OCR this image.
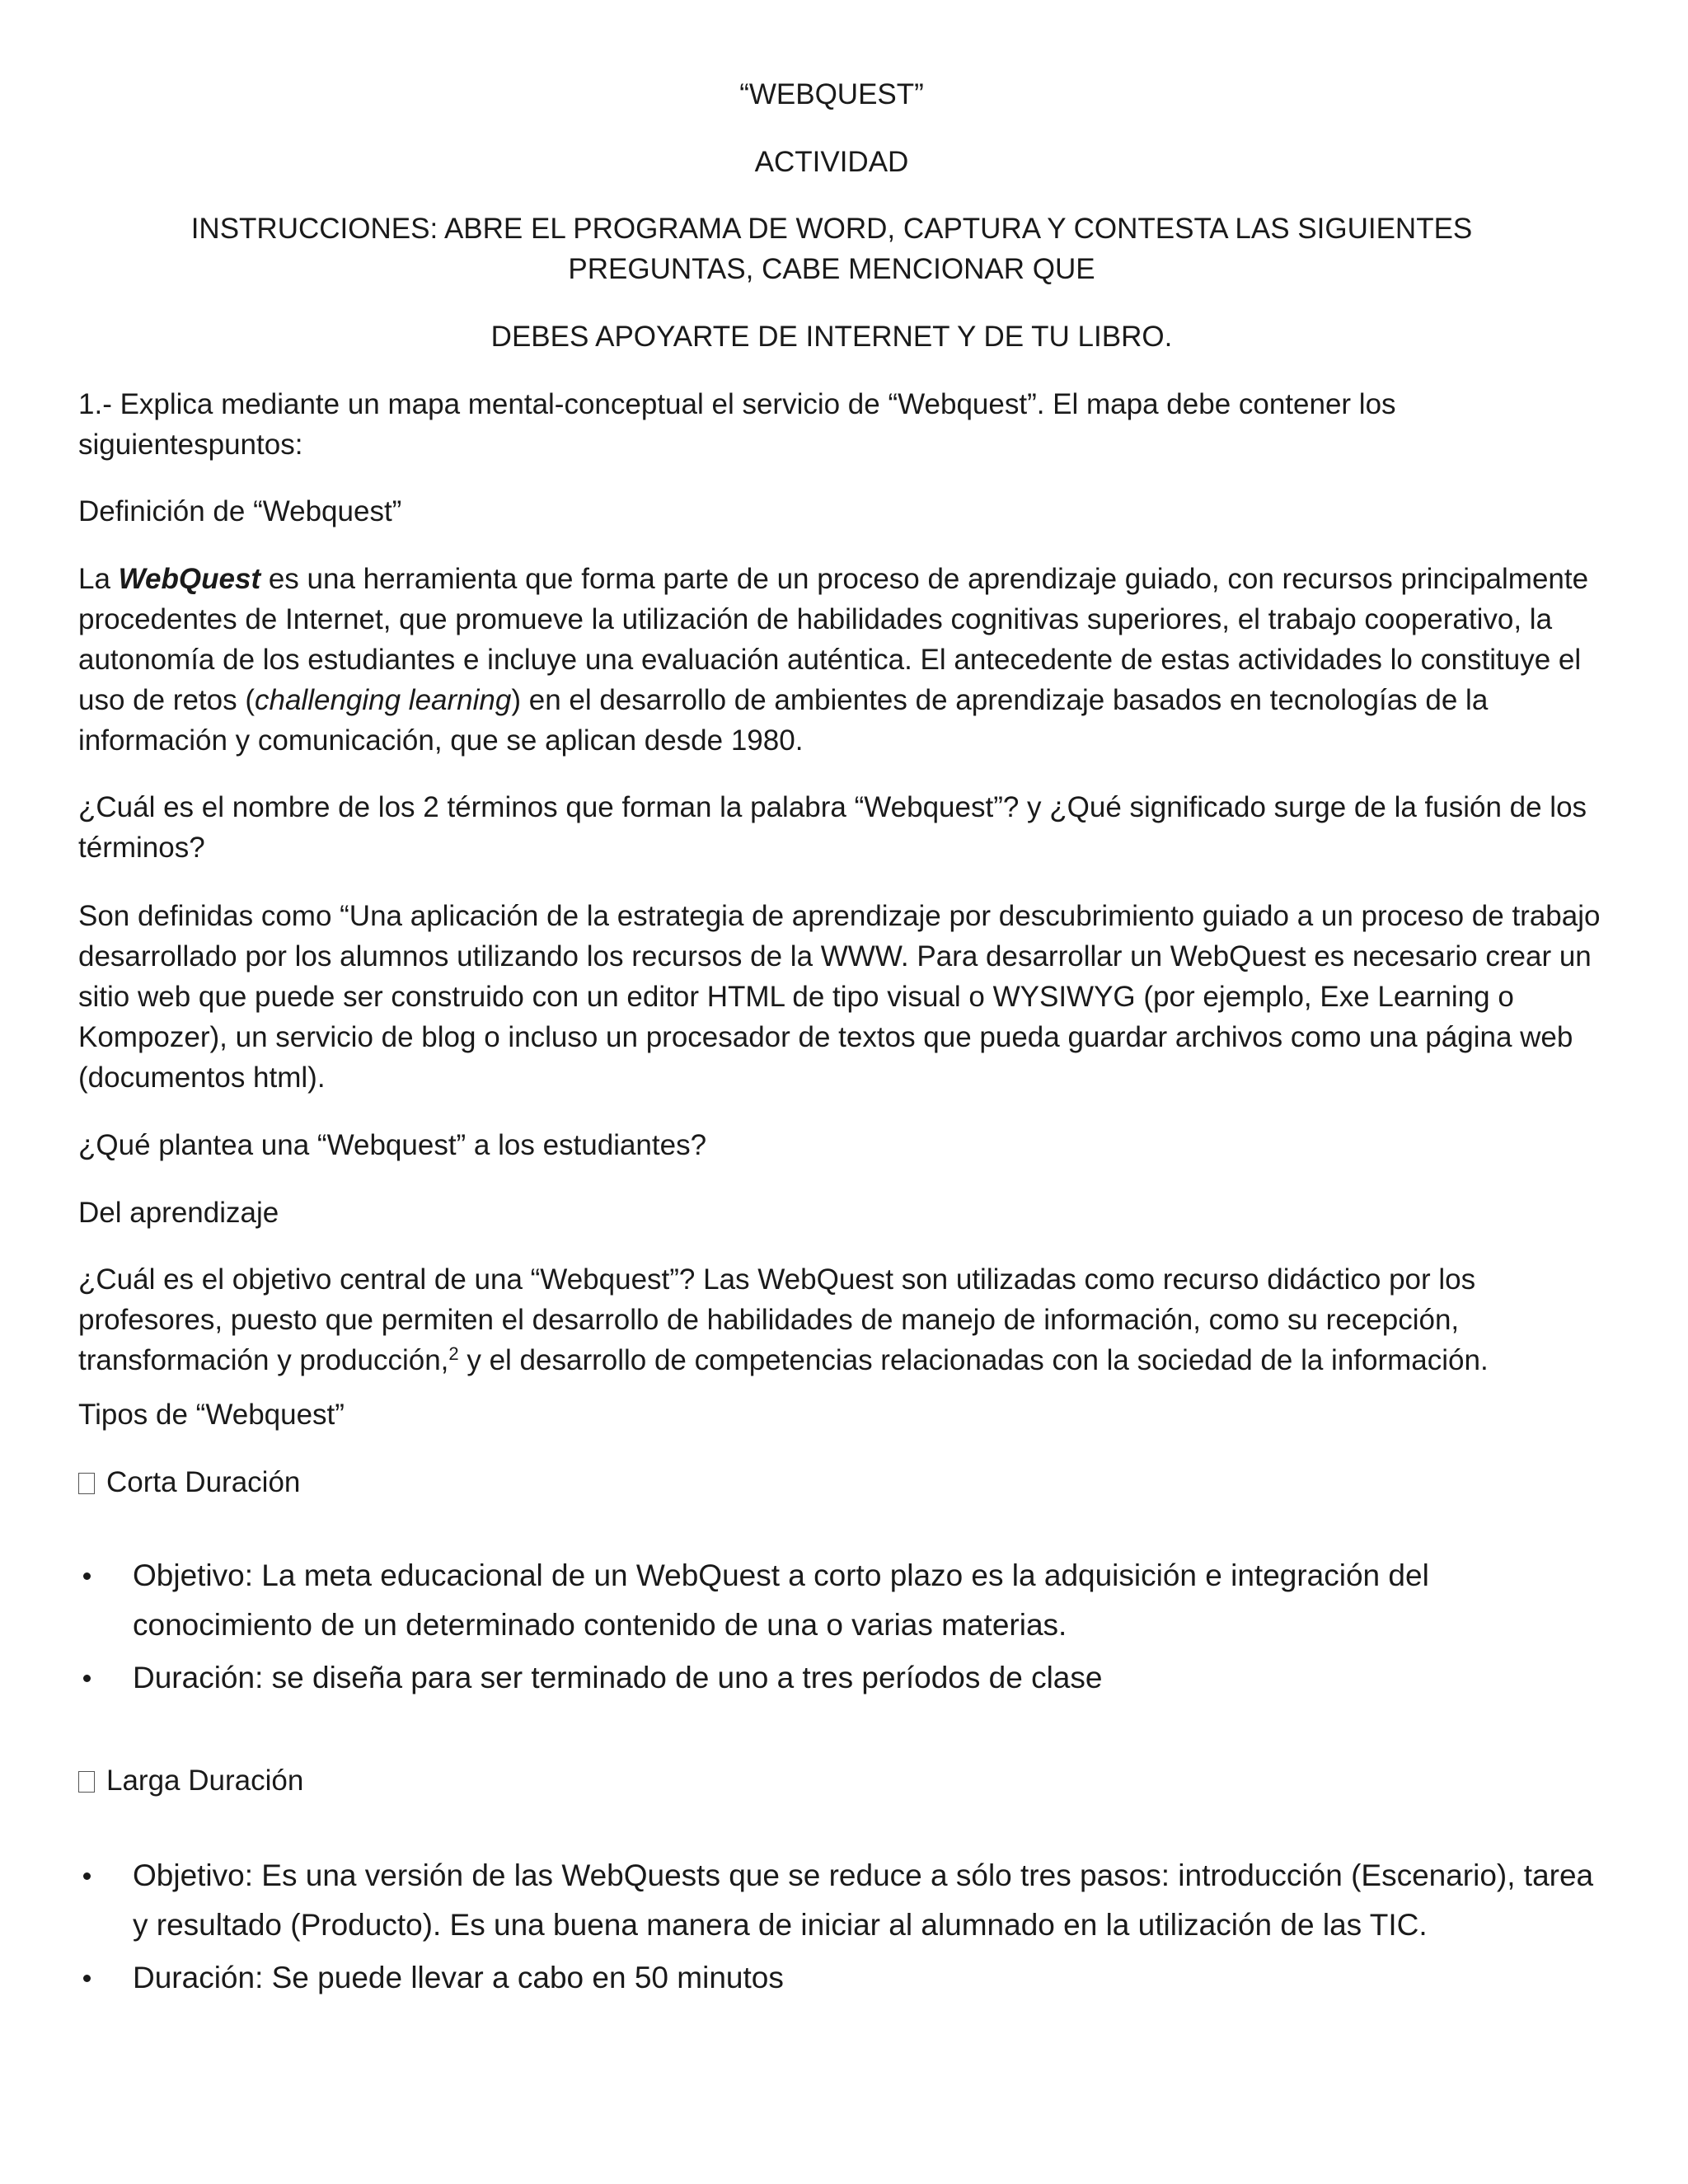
“WEBQUEST”

ACTIVIDAD

INSTRUCCIONES: ABRE EL PROGRAMA DE WORD, CAPTURA Y CONTESTA LAS SIGUIENTES

PREGUNTAS, CABE MENCIONAR QUE

DEBES APOYARTE DE INTERNET Y DE TU LIBRO.

1.- Explica mediante un mapa mental-conceptual el servicio de “Webquest”. El mapa debe contener los siguientespuntos:

Definición de “Webquest”

La WebQuest es una herramienta que forma parte de un proceso de aprendizaje guiado, con recursos principalmente procedentes de Internet, que promueve la utilización de habilidades cognitivas superiores, el trabajo cooperativo, la autonomía de los estudiantes e incluye una evaluación auténtica. El antecedente de estas actividades lo constituye el uso de retos (challenging learning) en el desarrollo de ambientes de aprendizaje basados en tecnologías de la información y comunicación, que se aplican desde 1980.

¿Cuál es el nombre de los 2 términos que forman la palabra “Webquest”? y ¿Qué significado surge de la fusión de los términos?

Son definidas como “Una aplicación de la estrategia de aprendizaje por descubrimiento guiado a un proceso de trabajo desarrollado por los alumnos utilizando los recursos de la WWW. Para desarrollar un WebQuest es necesario crear un sitio web que puede ser construido con un editor HTML de tipo visual o WYSIWYG (por ejemplo, Exe Learning o Kompozer), un servicio de blog o incluso un procesador de textos que pueda guardar archivos como una página web (documentos html).

¿Qué plantea una “Webquest” a los estudiantes?

Del aprendizaje

¿Cuál es el objetivo central de una “Webquest”? Las WebQuest son utilizadas como recurso didáctico por los profesores, puesto que permiten el desarrollo de habilidades de manejo de información, como su recepción, transformación y producción,$^2$ y el desarrollo de competencias relacionadas con la sociedad de la información.

Tipos de “Webquest”

Corta Duración

Objetivo: La meta educacional de un WebQuest a corto plazo es la adquisición e integración del conocimiento de un determinado contenido de una o varias materias.
Duración: se diseña para ser terminado de uno a tres períodos de clase

Larga Duración

Objetivo: Es una versión de las WebQuests que se reduce a sólo tres pasos: introducción (Escenario), tarea y resultado (Producto). Es una buena manera de iniciar al alumnado en la utilización de las TIC.
Duración: Se puede llevar a cabo en 50 minutos
